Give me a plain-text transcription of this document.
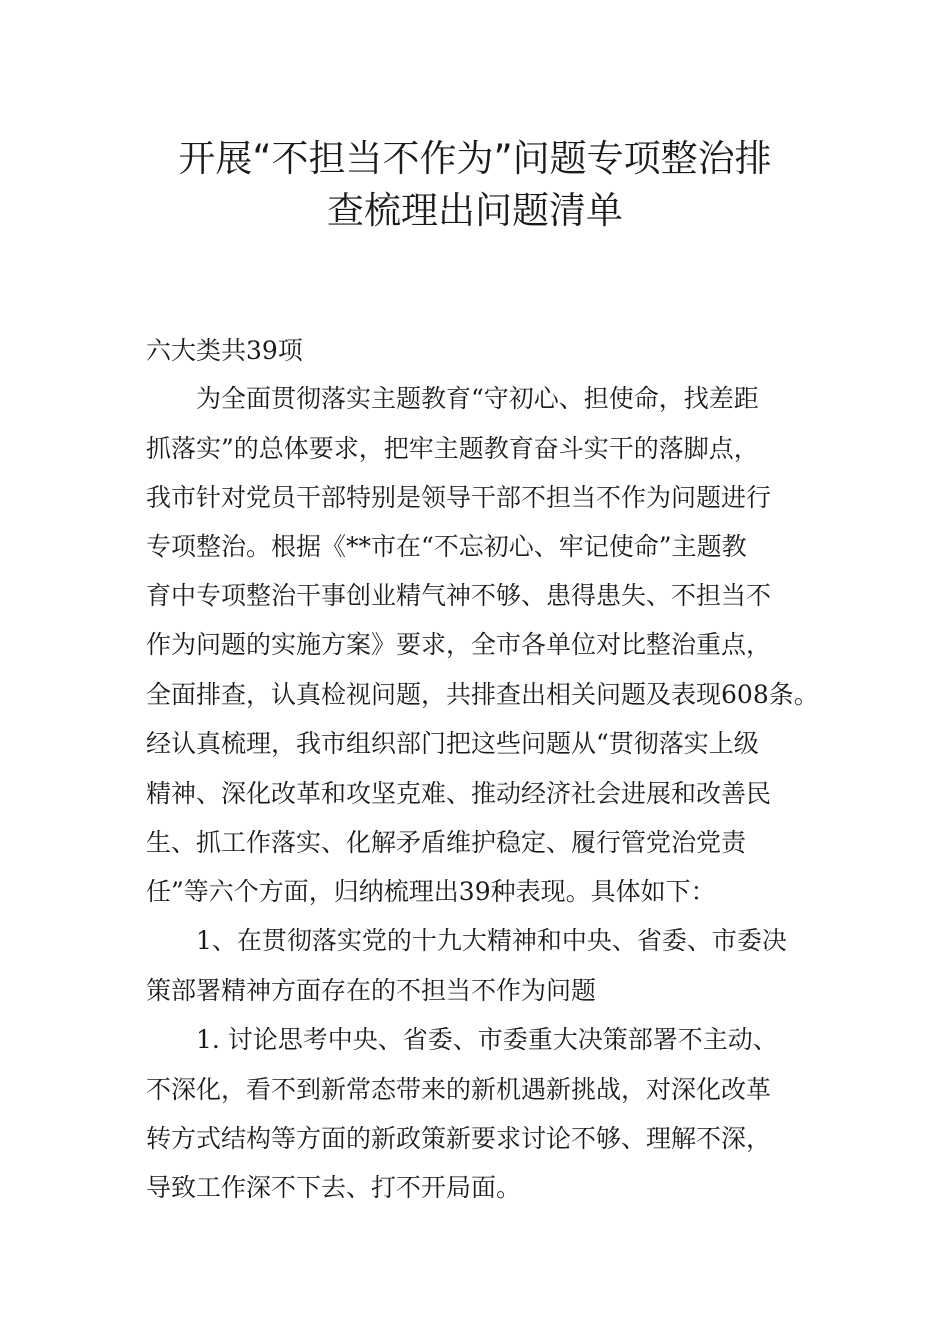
开展“不担当不作为”问题专项整治排
查梳理出问题清单
六大类共39项
为全面贯彻落实主题教育“守初心、担使命，找差距
抓落实”的总体要求，把牢主题教育奋斗实干的落脚点，
我市针对党员干部特别是领导干部不担当不作为问题进行
专项整治。根据《**市在“不忘初心、牢记使命”主题教
育中专项整治干事创业精气神不够、患得患失、不担当不
作为问题的实施方案》要求，全市各单位对比整治重点，
全面排查，认真检视问题，共排查出相关问题及表现608条。
经认真梳理，我市组织部门把这些问题从“贯彻落实上级
精神、深化改革和攻坚克难、推动经济社会进展和改善民
生、抓工作落实、化解矛盾维护稳定、履行管党治党责
任”等六个方面，归纳梳理出39种表现。具体如下：
1、在贯彻落实党的十九大精神和中央、省委、市委决
策部署精神方面存在的不担当不作为问题
1. 讨论思考中央、省委、市委重大决策部署不主动、
不深化，看不到新常态带来的新机遇新挑战，对深化改革
转方式结构等方面的新政策新要求讨论不够、理解不深，
导致工作深不下去、打不开局面。
